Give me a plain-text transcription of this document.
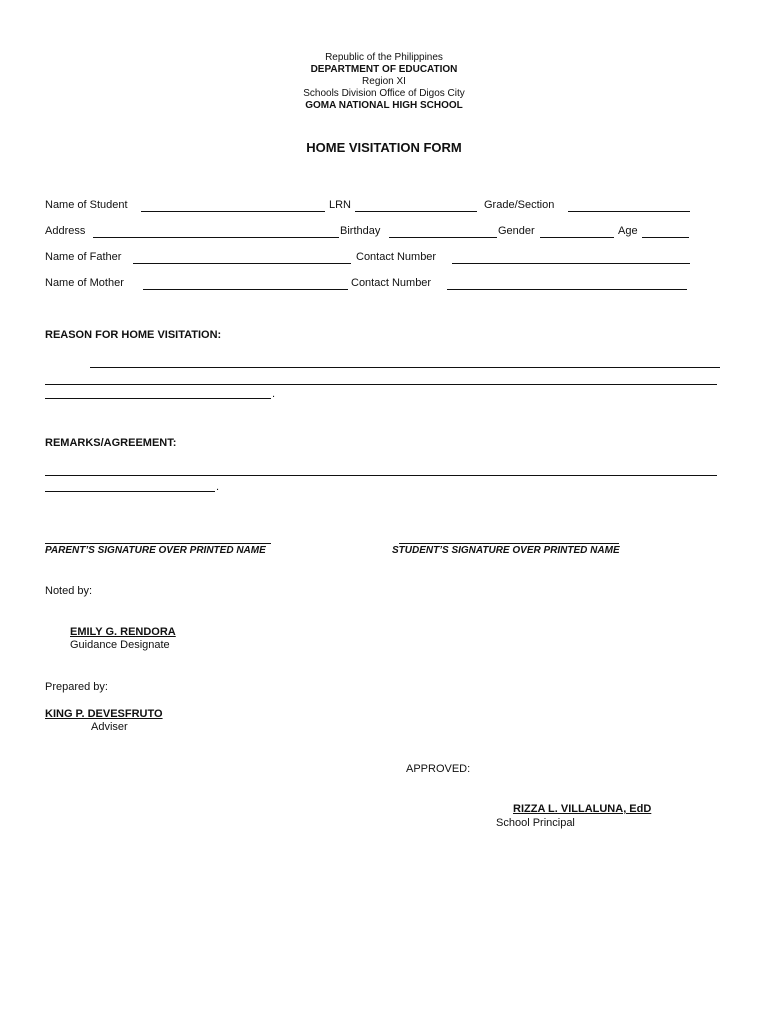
Republic of the Philippines
DEPARTMENT OF EDUCATION
Region XI
Schools Division Office of Digos City
GOMA NATIONAL HIGH SCHOOL
HOME VISITATION FORM
Name of Student	LRN	Grade/Section
Address	Birthday	Gender	Age
Name of Father	Contact Number
Name of Mother	Contact Number
REASON FOR HOME VISITATION:
.
REMARKS/AGREEMENT:
.
PARENT’S SIGNATURE OVER PRINTED NAME	STUDENT’S SIGNATURE OVER PRINTED NAME
Noted by:
EMILY G. RENDORA
Guidance Designate
Prepared by:
KING P. DEVESFRUTO
Adviser
APPROVED:
RIZZA L. VILLALUNA, EdD
School Principal
